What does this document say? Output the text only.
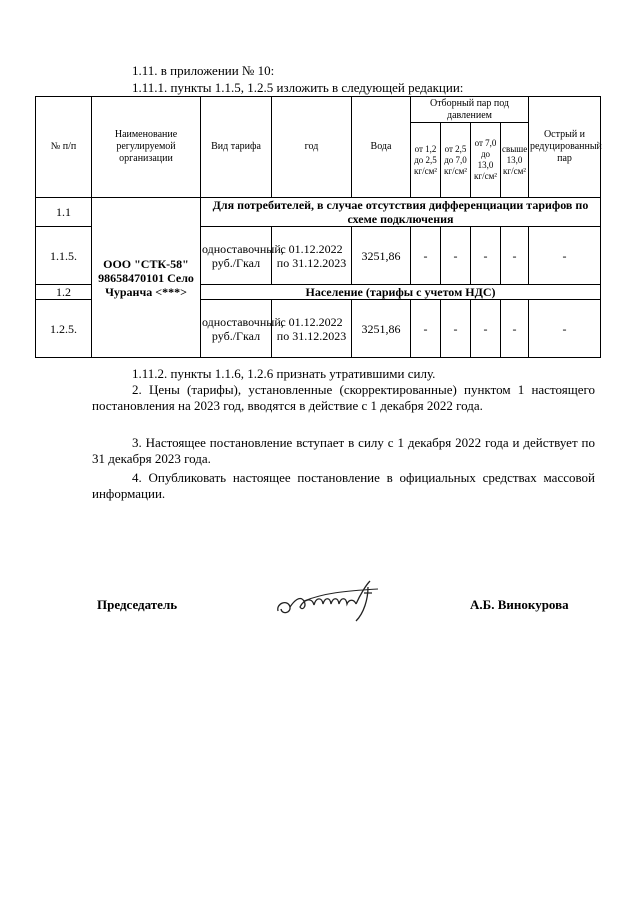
1.11. в приложении № 10:
1.11.1. пункты 1.1.5, 1.2.5 изложить в следующей редакции:
№ п/п	Наименование регулируемой организации	Вид тарифа	год	Вода	Отборный пар под давлением				Острый и редуцированный пар
					от 1,2 до 2,5 кг/см²	от 2,5 до 7,0 кг/см²	от 7,0 до 13,0 кг/см²	свыше 13,0 кг/см²	
1.1	ООО "СТК-58" 98658470101 Село Чуранча <***>	Для потребителей, в случае отсутствия дифференциации тарифов по схеме подключения							
1.1.5.		одноставочный, руб./Гкал	с 01.12.2022 по 31.12.2023	3251,86	-	-	-	-	-
1.2		Население (тарифы с учетом НДС)							
1.2.5.		одноставочный, руб./Гкал	с 01.12.2022 по 31.12.2023	3251,86	-	-	-	-	-
1.11.2. пункты 1.1.6, 1.2.6 признать утратившими силу.
2. Цены (тарифы), установленные (скорректированные) пунктом 1 настоящего постановления на 2023 год, вводятся в действие с 1 декабря 2022 года.
3. Настоящее постановление вступает в силу с 1 декабря 2022 года и действует по 31 декабря 2023 года.
4. Опубликовать настоящее постановление в официальных средствах массовой информации.
Председатель	А.Б. Винокурова
